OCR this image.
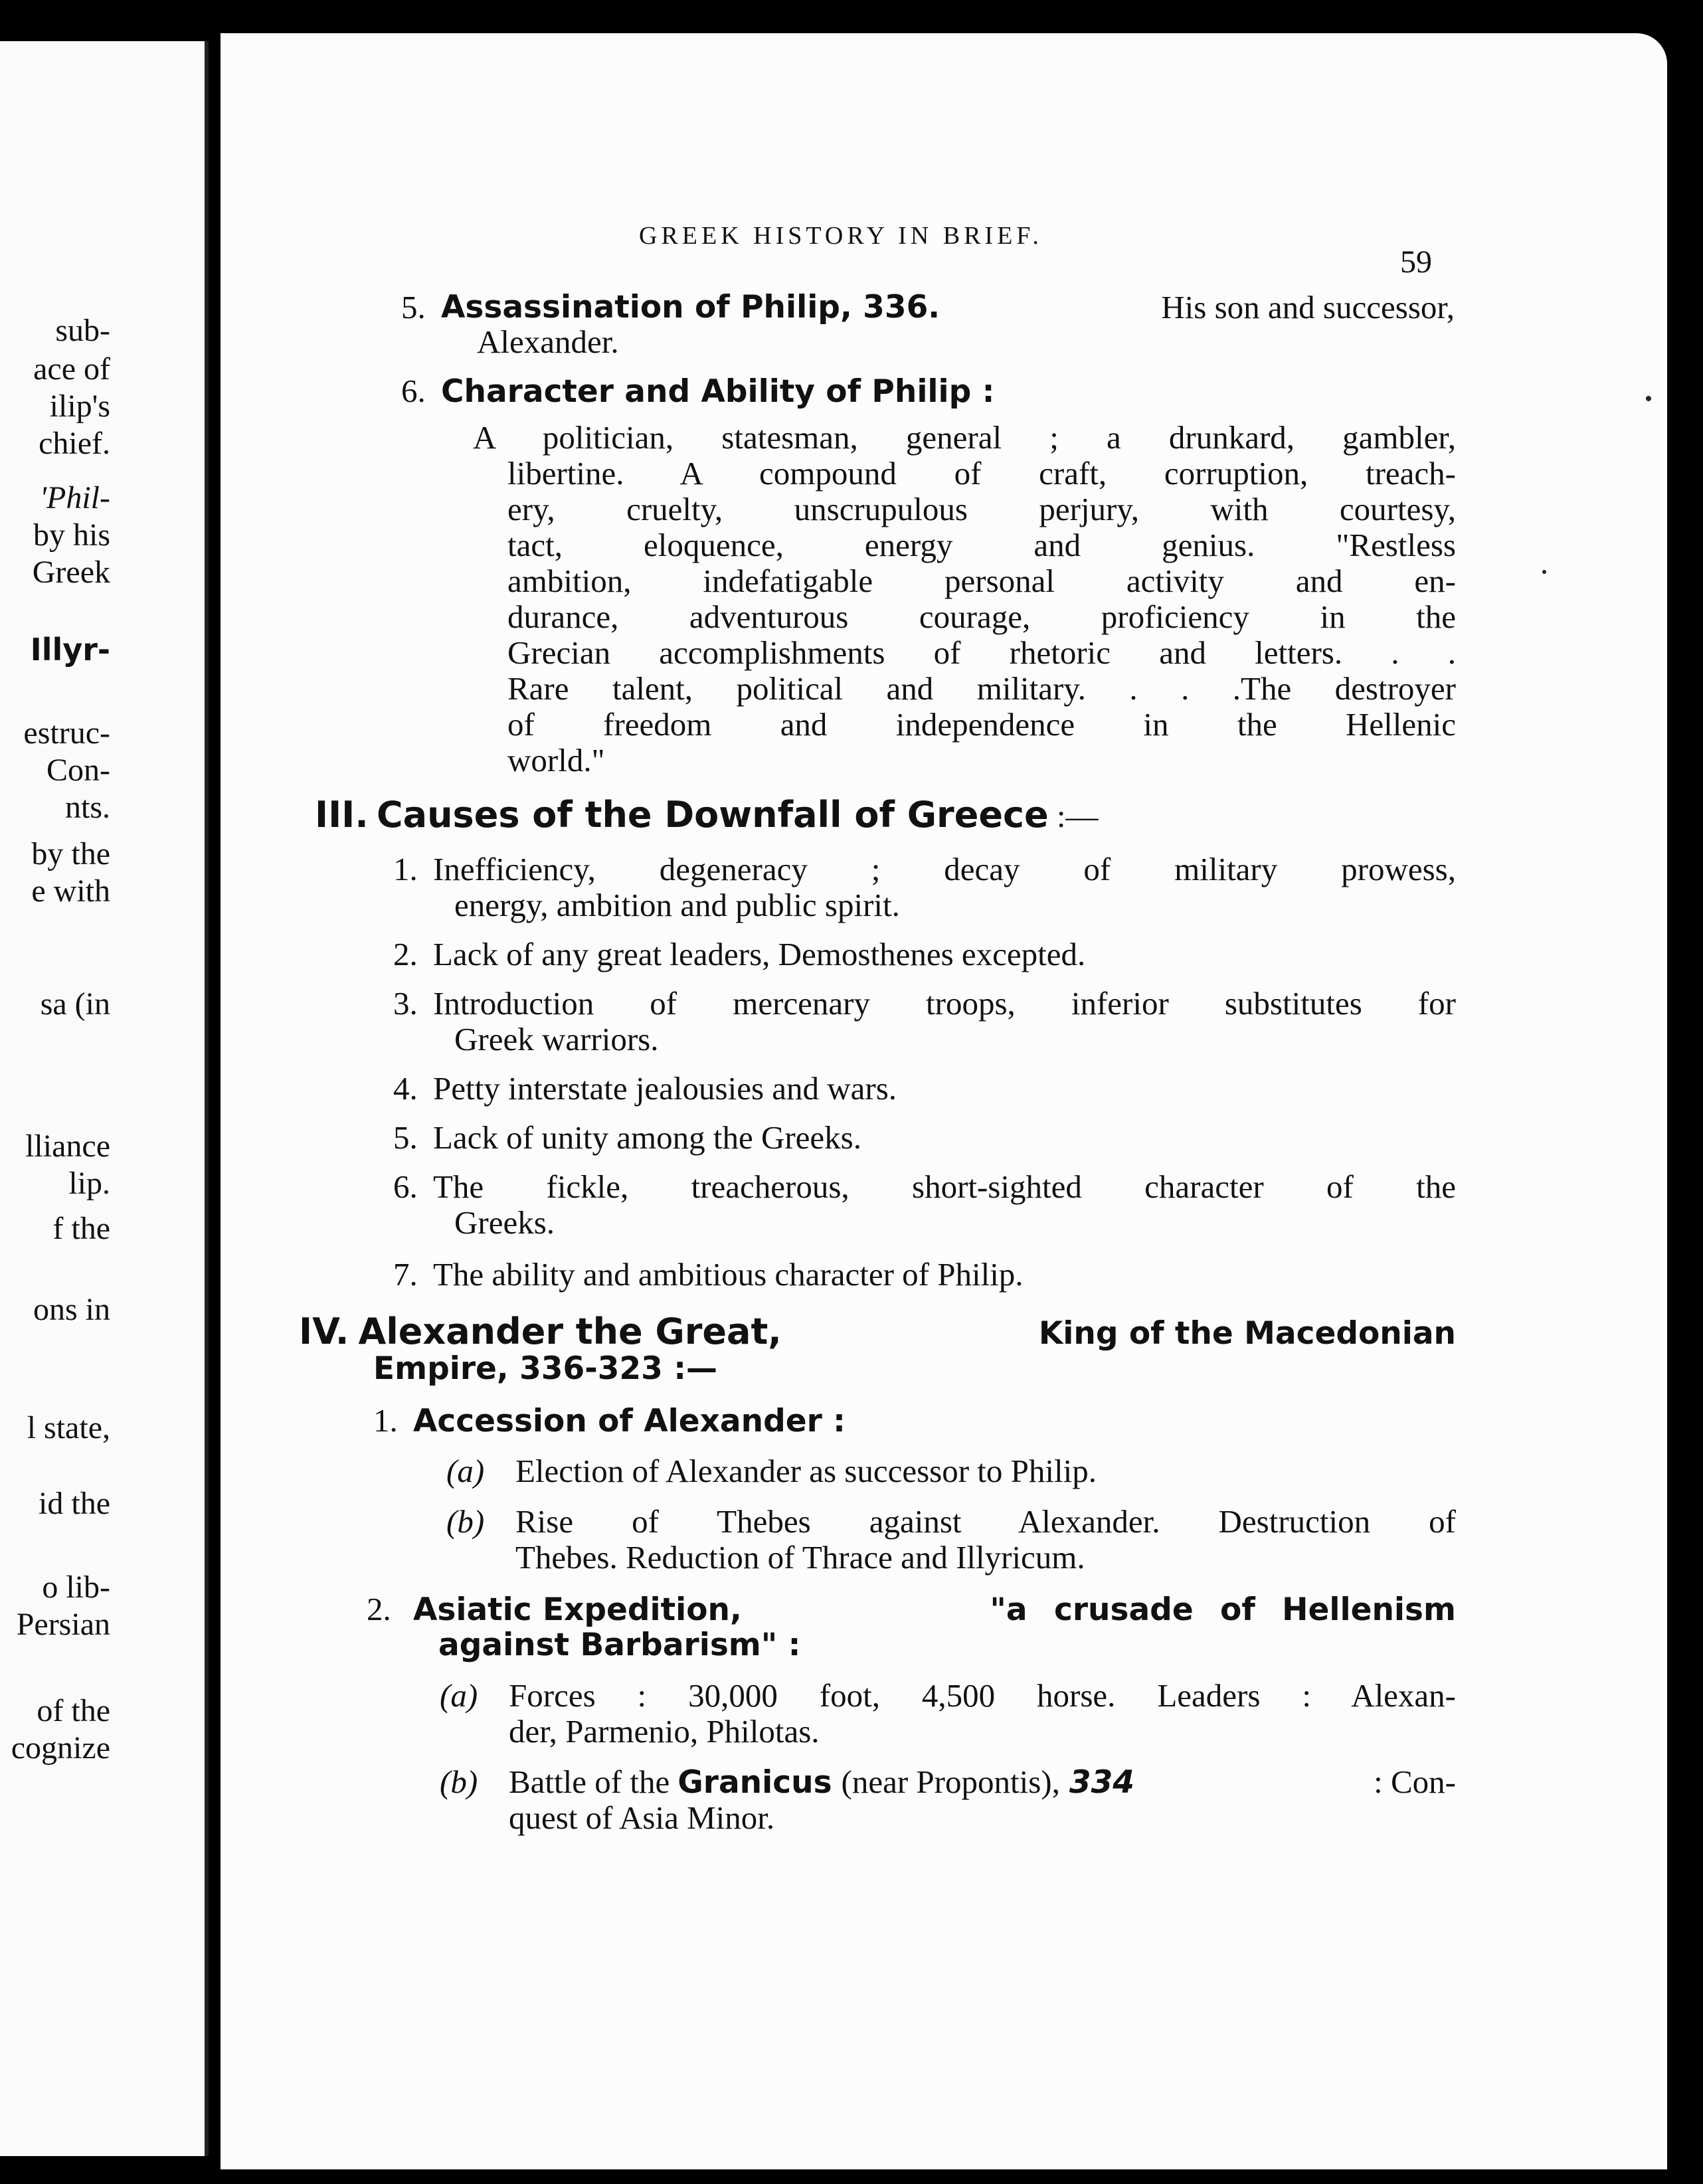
sub-
ace of
ilip's
chief.
'Phil-
by his
Greek
Illyr-
estruc-
Con-
nts.
by the
e with
sa (in
lliance
lip.
f the
ons in
l state,
id the
o lib-
Persian
of the
cognize
GREEK HISTORY IN BRIEF.
59
5. Assassination of Philip, 336.	His son and successor,
Alexander.
6. Character and Ability of Philip :
A politician, statesman, general ; a drunkard, gambler,
libertine. A compound of craft, corruption, treach-
ery, cruelty, unscrupulous perjury, with courtesy,
tact, eloquence, energy and genius. "Restless
ambition, indefatigable personal activity and en-
durance, adventurous courage, proficiency in the
Grecian accomplishments of rhetoric and letters. . .
Rare talent, political and military. . . .The destroyer
of freedom and independence in the Hellenic
world."
III. Causes of the Downfall of Greece :—
1. Inefficiency, degeneracy ; decay of military prowess,
energy, ambition and public spirit.
2. Lack of any great leaders, Demosthenes excepted.
3. Introduction of mercenary troops, inferior substitutes for
Greek warriors.
4. Petty interstate jealousies and wars.
5. Lack of unity among the Greeks.
6. The fickle, treacherous, short-sighted character of the
Greeks.
7. The ability and ambitious character of Philip.
IV. Alexander the Great,	King of the Macedonian
Empire, 336-323 :—
1. Accession of Alexander :
(a) Election of Alexander as successor to Philip.
(b) Rise of Thebes against Alexander. Destruction of
Thebes. Reduction of Thrace and Illyricum.
2. Asiatic Expedition,	"a crusade of Hellenism
against Barbarism" :
(a) Forces : 30,000 foot, 4,500 horse. Leaders : Alexan-
der, Parmenio, Philotas.
(b) Battle of the Granicus (near Propontis), 334	: Con-
quest of Asia Minor.
